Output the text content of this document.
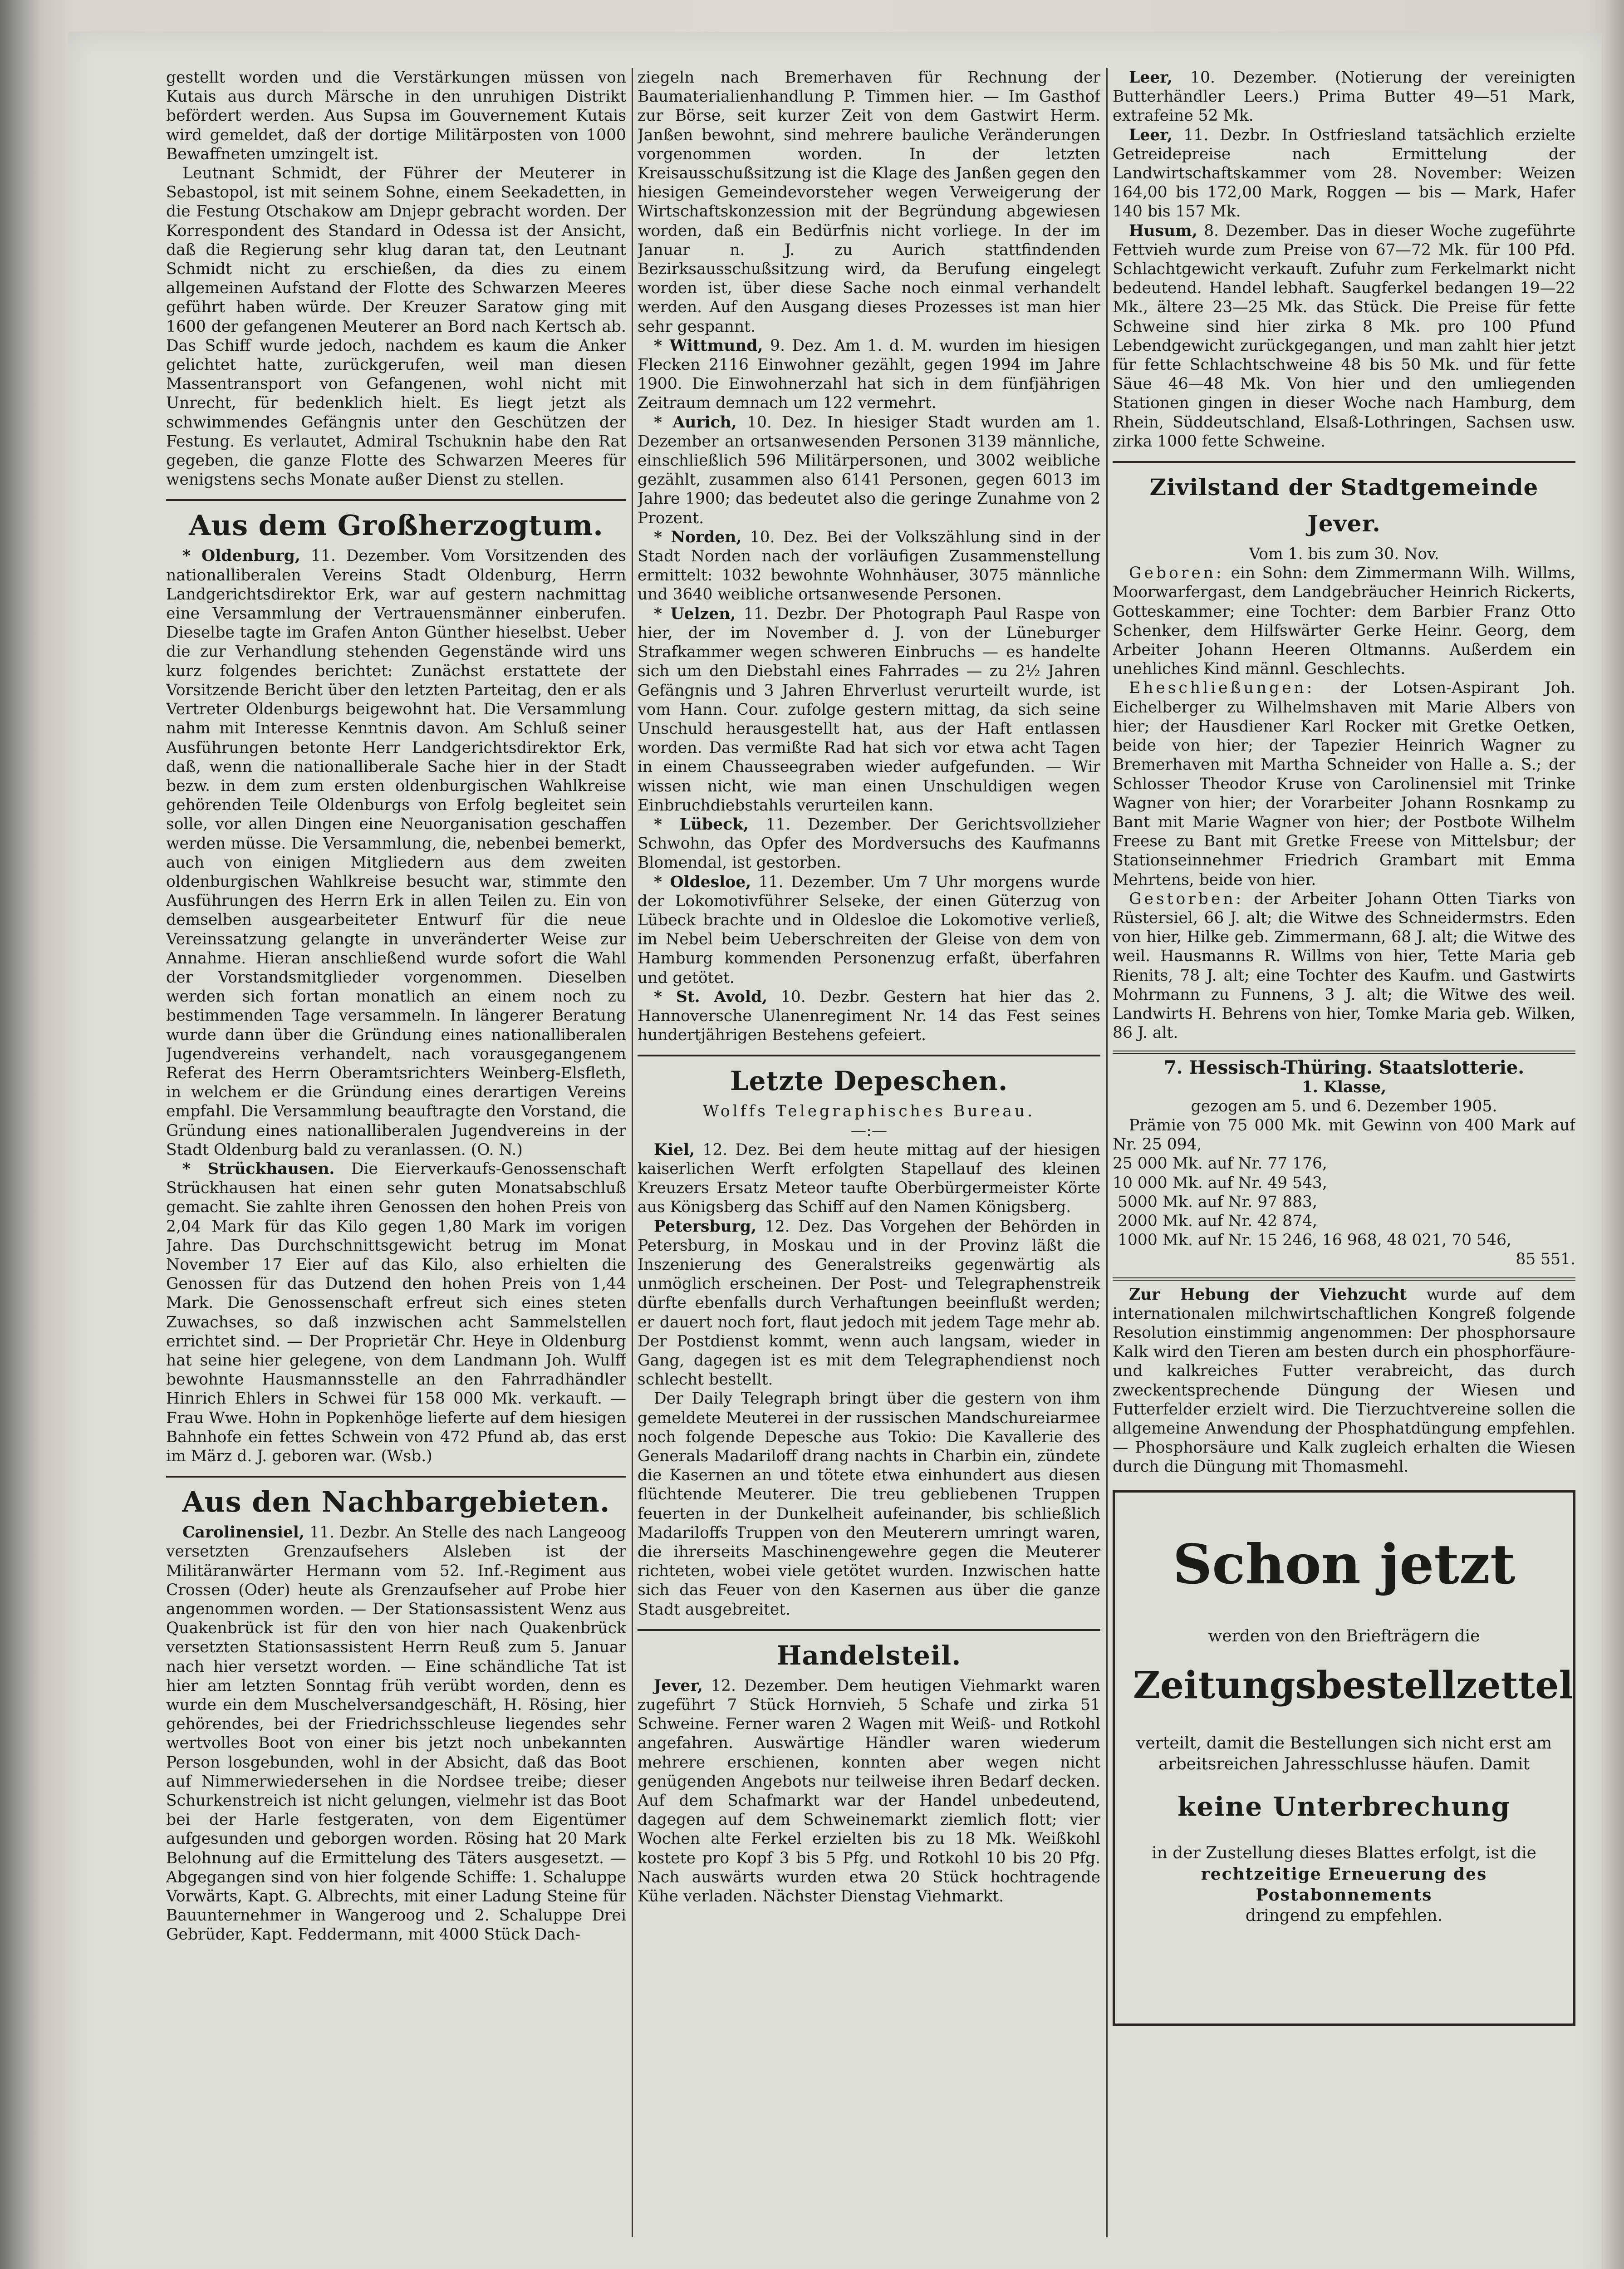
gestellt worden und die Verstärkungen müssen von Kutais aus durch Märsche in den unruhigen Distrikt befördert werden. Aus Supsa im Gouvernement Kutais wird gemeldet, daß der dortige Militärposten von 1000 Bewaffneten umzingelt ist.

Leutnant Schmidt, der Führer der Meuterer in Sebastopol, ist mit seinem Sohne, einem Seekadetten, in die Festung Otschakow am Dnjepr gebracht worden. Der Korrespondent des Standard in Odessa ist der Ansicht, daß die Regierung sehr klug daran tat, den Leutnant Schmidt nicht zu erschießen, da dies zu einem allgemeinen Aufstand der Flotte des Schwarzen Meeres geführt haben würde. Der Kreuzer Saratow ging mit 1600 der gefangenen Meuterer an Bord nach Kertsch ab. Das Schiff wurde jedoch, nachdem es kaum die Anker gelichtet hatte, zurückgerufen, weil man diesen Massentransport von Gefangenen, wohl nicht mit Unrecht, für bedenklich hielt. Es liegt jetzt als schwimmendes Gefängnis unter den Geschützen der Festung. Es verlautet, Admiral Tschuknin habe den Rat gegeben, die ganze Flotte des Schwarzen Meeres für wenigstens sechs Monate außer Dienst zu stellen.

Aus dem Großherzogtum.

* Oldenburg, 11. Dezember. Vom Vorsitzenden des nationalliberalen Vereins Stadt Oldenburg, Herrn Landgerichtsdirektor Erk, war auf gestern nachmittag eine Versammlung der Vertrauensmänner einberufen. Dieselbe tagte im Grafen Anton Günther hieselbst. Ueber die zur Verhandlung stehenden Gegenstände wird uns kurz folgendes berichtet: Zunächst erstattete der Vorsitzende Bericht über den letzten Parteitag, den er als Vertreter Oldenburgs beigewohnt hat. Die Versammlung nahm mit Interesse Kenntnis davon. Am Schluß seiner Ausführungen betonte Herr Landgerichtsdirektor Erk, daß, wenn die nationalliberale Sache hier in der Stadt bezw. in dem zum ersten oldenburgischen Wahlkreise gehörenden Teile Oldenburgs von Erfolg begleitet sein solle, vor allen Dingen eine Neuorganisation geschaffen werden müsse. Die Versammlung, die, nebenbei bemerkt, auch von einigen Mitgliedern aus dem zweiten oldenburgischen Wahlkreise besucht war, stimmte den Ausführungen des Herrn Erk in allen Teilen zu. Ein von demselben ausgearbeiteter Entwurf für die neue Vereinssatzung gelangte in unveränderter Weise zur Annahme. Hieran anschließend wurde sofort die Wahl der Vorstandsmitglieder vorgenommen. Dieselben werden sich fortan monatlich an einem noch zu bestimmenden Tage versammeln. In längerer Beratung wurde dann über die Gründung eines nationalliberalen Jugendvereins verhandelt, nach vorausgegangenem Referat des Herrn Oberamtsrichters Weinberg-Elsfleth, in welchem er die Gründung eines derartigen Vereins empfahl. Die Versammlung beauftragte den Vorstand, die Gründung eines nationalliberalen Jugendvereins in der Stadt Oldenburg bald zu veranlassen. (O. N.)

* Strückhausen. Die Eierverkaufs-Genossenschaft Strückhausen hat einen sehr guten Monatsabschluß gemacht. Sie zahlte ihren Genossen den hohen Preis von 2,04 Mark für das Kilo gegen 1,80 Mark im vorigen Jahre. Das Durchschnittsgewicht betrug im Monat November 17 Eier auf das Kilo, also erhielten die Genossen für das Dutzend den hohen Preis von 1,44 Mark. Die Genossenschaft erfreut sich eines steten Zuwachses, so daß inzwischen acht Sammelstellen errichtet sind. — Der Proprietär Chr. Heye in Oldenburg hat seine hier gelegene, von dem Landmann Joh. Wulff bewohnte Hausmannsstelle an den Fahrradhändler Hinrich Ehlers in Schwei für 158 000 Mk. verkauft. — Frau Wwe. Hohn in Popkenhöge lieferte auf dem hiesigen Bahnhofe ein fettes Schwein von 472 Pfund ab, das erst im März d. J. geboren war. (Wsb.)

Aus den Nachbargebieten.

Carolinensiel, 11. Dezbr. An Stelle des nach Langeoog versetzten Grenzaufsehers Alsleben ist der Militäranwärter Hermann vom 52. Inf.-Regiment aus Crossen (Oder) heute als Grenzaufseher auf Probe hier angenommen worden. — Der Stationsassistent Wenz aus Quakenbrück ist für den von hier nach Quakenbrück versetzten Stationsassistent Herrn Reuß zum 5. Januar nach hier versetzt worden. — Eine schändliche Tat ist hier am letzten Sonntag früh verübt worden, denn es wurde ein dem Muschelversandgeschäft, H. Rösing, hier gehörendes, bei der Friedrichsschleuse liegendes sehr wertvolles Boot von einer bis jetzt noch unbekannten Person losgebunden, wohl in der Absicht, daß das Boot auf Nimmerwiedersehen in die Nordsee treibe; dieser Schurkenstreich ist nicht gelungen, vielmehr ist das Boot bei der Harle festgeraten, von dem Eigentümer aufgesunden und geborgen worden. Rösing hat 20 Mark Belohnung auf die Ermittelung des Täters ausgesetzt. — Abgegangen sind von hier folgende Schiffe: 1. Schaluppe Vorwärts, Kapt. G. Albrechts, mit einer Ladung Steine für Bauunternehmer in Wangeroog und 2. Schaluppe Drei Gebrüder, Kapt. Feddermann, mit 4000 Stück Dach-

ziegeln nach Bremerhaven für Rechnung der Baumaterialienhandlung P. Timmen hier. — Im Gasthof zur Börse, seit kurzer Zeit von dem Gastwirt Herm. Janßen bewohnt, sind mehrere bauliche Veränderungen vorgenommen worden. In der letzten Kreisausschußsitzung ist die Klage des Janßen gegen den hiesigen Gemeindevorsteher wegen Verweigerung der Wirtschaftskonzession mit der Begründung abgewiesen worden, daß ein Bedürfnis nicht vorliege. In der im Januar n. J. zu Aurich stattfindenden Bezirksausschußsitzung wird, da Berufung eingelegt worden ist, über diese Sache noch einmal verhandelt werden. Auf den Ausgang dieses Prozesses ist man hier sehr gespannt.

* Wittmund, 9. Dez. Am 1. d. M. wurden im hiesigen Flecken 2116 Einwohner gezählt, gegen 1994 im Jahre 1900. Die Einwohnerzahl hat sich in dem fünfjährigen Zeitraum demnach um 122 vermehrt.

* Aurich, 10. Dez. In hiesiger Stadt wurden am 1. Dezember an ortsanwesenden Personen 3139 männliche, einschließlich 596 Militärpersonen, und 3002 weibliche gezählt, zusammen also 6141 Personen, gegen 6013 im Jahre 1900; das bedeutet also die geringe Zunahme von 2 Prozent.

* Norden, 10. Dez. Bei der Volkszählung sind in der Stadt Norden nach der vorläufigen Zusammenstellung ermittelt: 1032 bewohnte Wohnhäuser, 3075 männliche und 3640 weibliche ortsanwesende Personen.

* Uelzen, 11. Dezbr. Der Photograph Paul Raspe von hier, der im November d. J. von der Lüneburger Strafkammer wegen schweren Einbruchs — es handelte sich um den Diebstahl eines Fahrrades — zu 2½ Jahren Gefängnis und 3 Jahren Ehrverlust verurteilt wurde, ist vom Hann. Cour. zufolge gestern mittag, da sich seine Unschuld herausgestellt hat, aus der Haft entlassen worden. Das vermißte Rad hat sich vor etwa acht Tagen in einem Chausseegraben wieder aufgefunden. — Wir wissen nicht, wie man einen Unschuldigen wegen Einbruchdiebstahls verurteilen kann.

* Lübeck, 11. Dezember. Der Gerichtsvollzieher Schwohn, das Opfer des Mordversuchs des Kaufmanns Blomendal, ist gestorben.

* Oldesloe, 11. Dezember. Um 7 Uhr morgens wurde der Lokomotivführer Selseke, der einen Güterzug von Lübeck brachte und in Oldesloe die Lokomotive verließ, im Nebel beim Ueberschreiten der Gleise von dem von Hamburg kommenden Personenzug erfaßt, überfahren und getötet.

* St. Avold, 10. Dezbr. Gestern hat hier das 2. Hannoversche Ulanenregiment Nr. 14 das Fest seines hundertjährigen Bestehens gefeiert.

Letzte Depeschen.

Wolffs Telegraphisches Bureau.

—:—

Kiel, 12. Dez. Bei dem heute mittag auf der hiesigen kaiserlichen Werft erfolgten Stapellauf des kleinen Kreuzers Ersatz Meteor taufte Oberbürgermeister Körte aus Königsberg das Schiff auf den Namen Königsberg.

Petersburg, 12. Dez. Das Vorgehen der Behörden in Petersburg, in Moskau und in der Provinz läßt die Inszenierung des Generalstreiks gegenwärtig als unmöglich erscheinen. Der Post- und Telegraphenstreik dürfte ebenfalls durch Verhaftungen beeinflußt werden; er dauert noch fort, flaut jedoch mit jedem Tage mehr ab. Der Postdienst kommt, wenn auch langsam, wieder in Gang, dagegen ist es mit dem Telegraphendienst noch schlecht bestellt.

Der Daily Telegraph bringt über die gestern von ihm gemeldete Meuterei in der russischen Mandschureiarmee noch folgende Depesche aus Tokio: Die Kavallerie des Generals Madariloff drang nachts in Charbin ein, zündete die Kasernen an und tötete etwa einhundert aus diesen flüchtende Meuterer. Die treu gebliebenen Truppen feuerten in der Dunkelheit aufeinander, bis schließlich Madariloffs Truppen von den Meuterern umringt waren, die ihrerseits Maschinengewehre gegen die Meuterer richteten, wobei viele getötet wurden. Inzwischen hatte sich das Feuer von den Kasernen aus über die ganze Stadt ausgebreitet.

Handelsteil.

Jever, 12. Dezember. Dem heutigen Viehmarkt waren zugeführt 7 Stück Hornvieh, 5 Schafe und zirka 51 Schweine. Ferner waren 2 Wagen mit Weiß- und Rotkohl angefahren. Auswärtige Händler waren wiederum mehrere erschienen, konnten aber wegen nicht genügenden Angebots nur teilweise ihren Bedarf decken. Auf dem Schafmarkt war der Handel unbedeutend, dagegen auf dem Schweinemarkt ziemlich flott; vier Wochen alte Ferkel erzielten bis zu 18 Mk. Weißkohl kostete pro Kopf 3 bis 5 Pfg. und Rotkohl 10 bis 20 Pfg. Nach auswärts wurden etwa 20 Stück hochtragende Kühe verladen. Nächster Dienstag Viehmarkt.

Leer, 10. Dezember. (Notierung der vereinigten Butterhändler Leers.) Prima Butter 49—51 Mark, extrafeine 52 Mk.

Leer, 11. Dezbr. In Ostfriesland tatsächlich erzielte Getreidepreise nach Ermittelung der Landwirtschaftskammer vom 28. November: Weizen 164,00 bis 172,00 Mark, Roggen — bis — Mark, Hafer 140 bis 157 Mk.

Husum, 8. Dezember. Das in dieser Woche zugeführte Fettvieh wurde zum Preise von 67—72 Mk. für 100 Pfd. Schlachtgewicht verkauft. Zufuhr zum Ferkelmarkt nicht bedeutend. Handel lebhaft. Saugferkel bedangen 19—22 Mk., ältere 23—25 Mk. das Stück. Die Preise für fette Schweine sind hier zirka 8 Mk. pro 100 Pfund Lebendgewicht zurückgegangen, und man zahlt hier jetzt für fette Schlachtschweine 48 bis 50 Mk. und für fette Säue 46—48 Mk. Von hier und den umliegenden Stationen gingen in dieser Woche nach Hamburg, dem Rhein, Süddeutschland, Elsaß-Lothringen, Sachsen usw. zirka 1000 fette Schweine.

Zivilstand der Stadtgemeinde Jever.

Vom 1. bis zum 30. Nov.

Geboren: ein Sohn: dem Zimmermann Wilh. Willms, Moorwarfergast, dem Landgebräucher Heinrich Rickerts, Gotteskammer; eine Tochter: dem Barbier Franz Otto Schenker, dem Hilfswärter Gerke Heinr. Georg, dem Arbeiter Johann Heeren Oltmanns. Außerdem ein unehliches Kind männl. Geschlechts.

Eheschließungen: der Lotsen-Aspirant Joh. Eichelberger zu Wilhelmshaven mit Marie Albers von hier; der Hausdiener Karl Rocker mit Gretke Oetken, beide von hier; der Tapezier Heinrich Wagner zu Bremerhaven mit Martha Schneider von Halle a. S.; der Schlosser Theodor Kruse von Carolinensiel mit Trinke Wagner von hier; der Vorarbeiter Johann Rosnkamp zu Bant mit Marie Wagner von hier; der Postbote Wilhelm Freese zu Bant mit Gretke Freese von Mittelsbur; der Stationseinnehmer Friedrich Grambart mit Emma Mehrtens, beide von hier.

Gestorben: der Arbeiter Johann Otten Tiarks von Rüstersiel, 66 J. alt; die Witwe des Schneidermstrs. Eden von hier, Hilke geb. Zimmermann, 68 J. alt; die Witwe des weil. Hausmanns R. Willms von hier, Tette Maria geb Rienits, 78 J. alt; eine Tochter des Kaufm. und Gastwirts Mohrmann zu Funnens, 3 J. alt; die Witwe des weil. Landwirts H. Behrens von hier, Tomke Maria geb. Wilken, 86 J. alt.

7. Hessisch-Thüring. Staatslotterie.

1. Klasse,

gezogen am 5. und 6. Dezember 1905.

Prämie von 75 000 Mk. mit Gewinn von 400 Mark auf Nr. 25 094,

25 000 Mk. auf Nr. 77 176,

10 000 Mk. auf Nr. 49 543,

5000 Mk. auf Nr. 97 883,

2000 Mk. auf Nr. 42 874,

1000 Mk. auf Nr. 15 246, 16 968, 48 021, 70 546,

85 551.

Zur Hebung der Viehzucht wurde auf dem internationalen milchwirtschaftlichen Kongreß folgende Resolution einstimmig angenommen: Der phosphorsaure Kalk wird den Tieren am besten durch ein phosphorfäure- und kalkreiches Futter verabreicht, das durch zweckentsprechende Düngung der Wiesen und Futterfelder erzielt wird. Die Tierzuchtvereine sollen die allgemeine Anwendung der Phosphatdüngung empfehlen. — Phosphorsäure und Kalk zugleich erhalten die Wiesen durch die Düngung mit Thomasmehl.

Schon jetzt

werden von den Briefträgern die

Zeitungsbestellzettel

verteilt, damit die Bestellungen sich nicht erst am arbeitsreichen Jahresschlusse häufen. Damit

keine Unterbrechung

in der Zustellung dieses Blattes erfolgt, ist die

rechtzeitige Erneuerung des Postabonnements

dringend zu empfehlen.
